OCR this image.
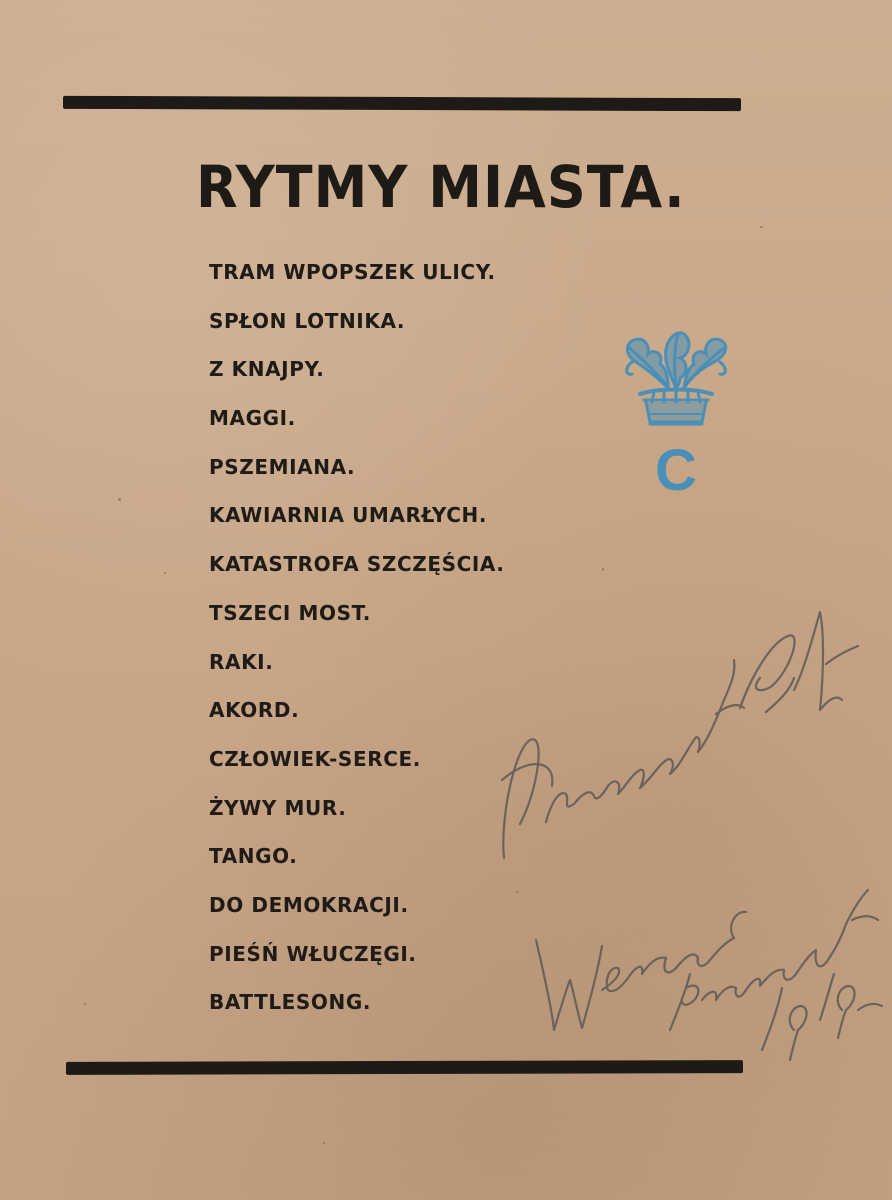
RYTMY MIASTA.
TRAM WPOPSZEK ULICY.
SPŁON LOTNIKA.
Z KNAJPY.
MAGGI.
PSZEMIANA.
KAWIARNIA UMARŁYCH.
KATASTROFA SZCZĘŚCIA.
TSZECI MOST.
RAKI.
AKORD.
CZŁOWIEK-SERCE.
ŻYWY MUR.
TANGO.
DO DEMOKRACJI.
PIEŚŃ WŁUCZĘGI.
BATTLESONG.
C
